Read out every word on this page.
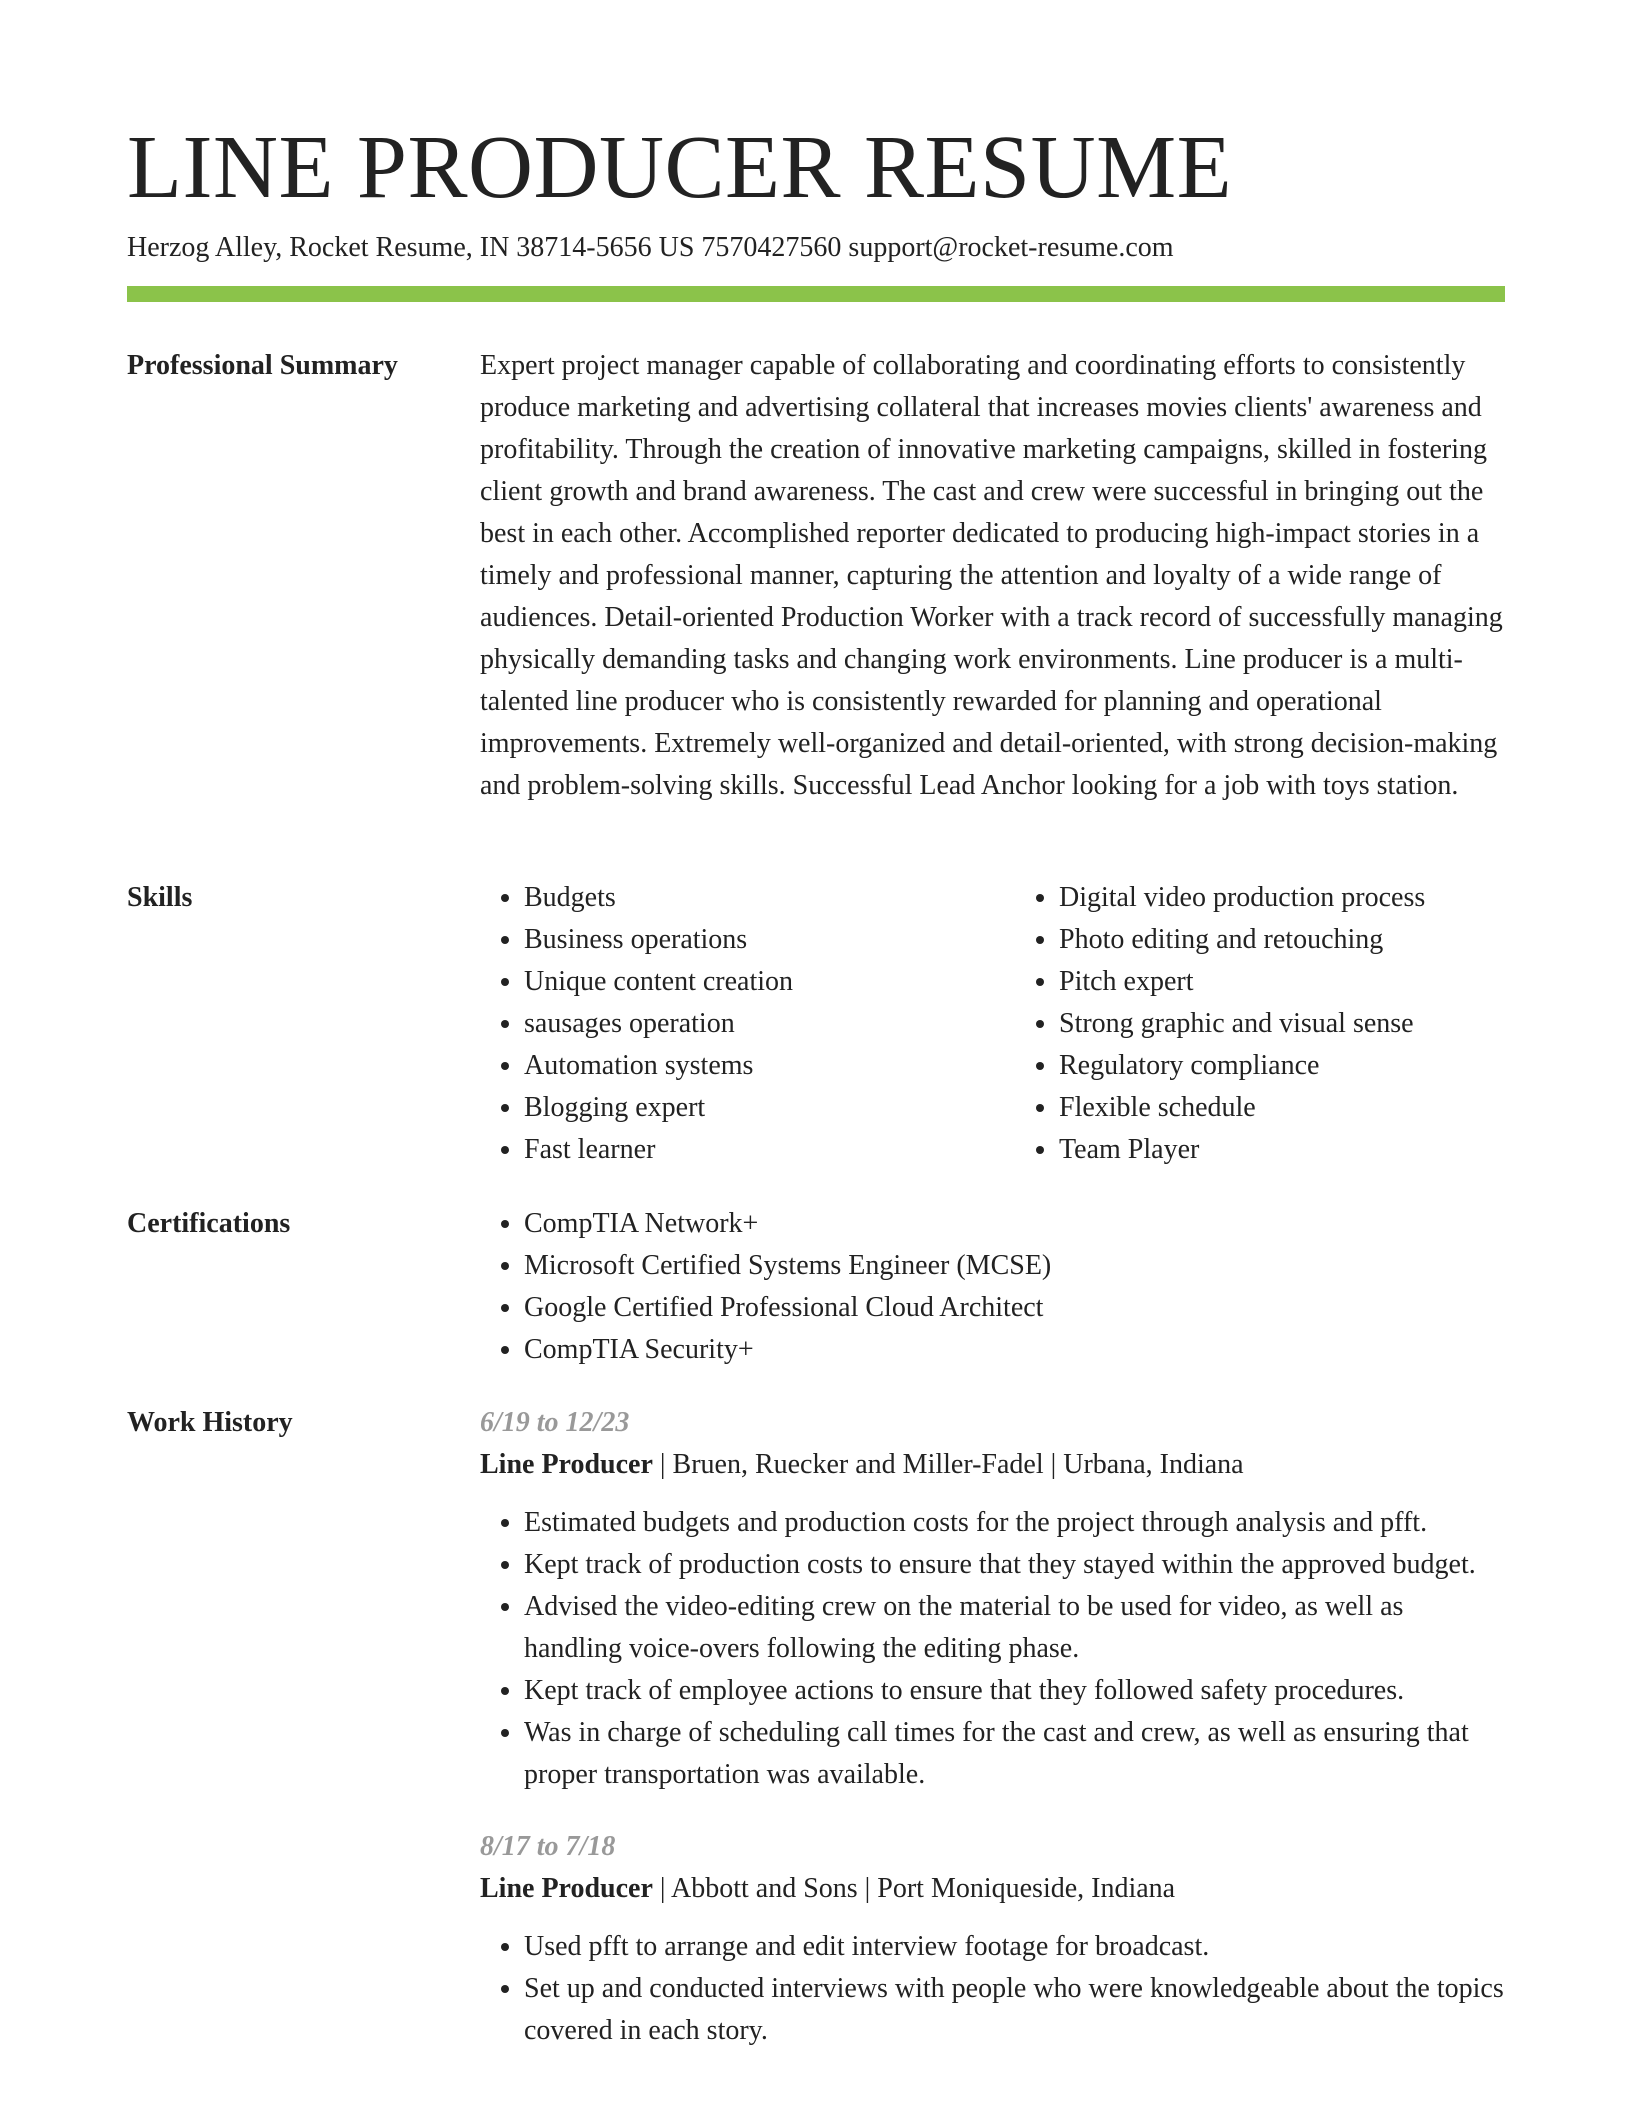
LINE PRODUCER RESUME
Herzog Alley, Rocket Resume, IN 38714-5656 US 7570427560 support@rocket-resume.com
Professional Summary	Expert project manager capable of collaborating and coordinating efforts to consistently produce marketing and advertising collateral that increases movies clients' awareness and profitability. Through the creation of innovative marketing campaigns, skilled in fostering client growth and brand awareness. The cast and crew were successful in bringing out the best in each other. Accomplished reporter dedicated to producing high-impact stories in a timely and professional manner, capturing the attention and loyalty of a wide range of audiences. Detail-oriented Production Worker with a track record of successfully managing physically demanding tasks and changing work environments. Line producer is a multi-talented line producer who is consistently rewarded for planning and operational improvements. Extremely well-organized and detail-oriented, with strong decision-making and problem-solving skills. Successful Lead Anchor looking for a job with toys station.

Skills	• Budgets
• Business operations
• Unique content creation
• sausages operation
• Automation systems
• Blogging expert
• Fast learner
• Digital video production process
• Photo editing and retouching
• Pitch expert
• Strong graphic and visual sense
• Regulatory compliance
• Flexible schedule
• Team Player
Certifications	• CompTIA Network+
• Microsoft Certified Systems Engineer (MCSE)
• Google Certified Professional Cloud Architect
• CompTIA Security+
Work History	6/19 to 12/23
Line Producer | Bruen, Ruecker and Miller-Fadel | Urbana, Indiana
• Estimated budgets and production costs for the project through analysis and pfft.
• Kept track of production costs to ensure that they stayed within the approved budget.
• Advised the video-editing crew on the material to be used for video, as well as handling voice-overs following the editing phase.
• Kept track of employee actions to ensure that they followed safety procedures.
• Was in charge of scheduling call times for the cast and crew, as well as ensuring that proper transportation was available.
8/17 to 7/18
Line Producer | Abbott and Sons | Port Moniqueside, Indiana
• Used pfft to arrange and edit interview footage for broadcast.
• Set up and conducted interviews with people who were knowledgeable about the topics covered in each story.
